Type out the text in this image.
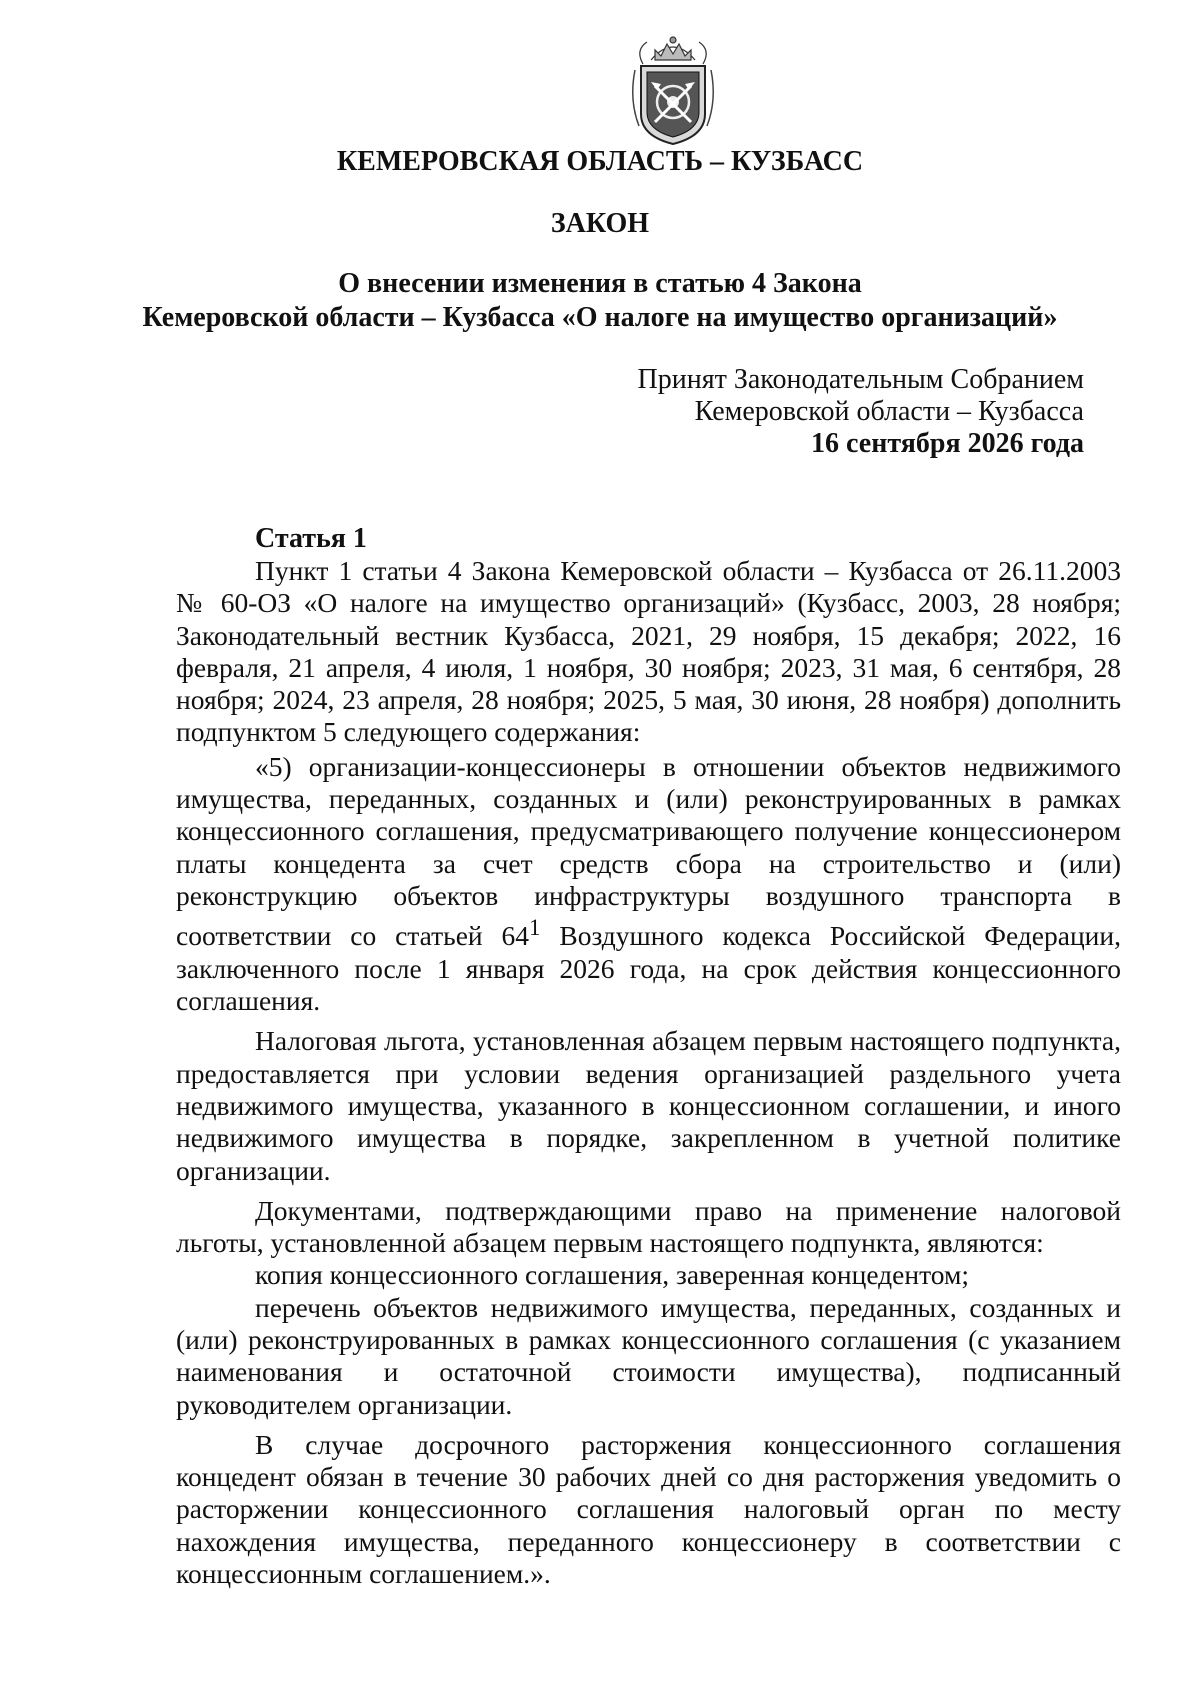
КЕМЕРОВСКАЯ ОБЛАСТЬ – КУЗБАСС
ЗАКОН
О внесении изменения в статью 4 Закона
Кемеровской области – Кузбасса «О налоге на имущество организаций»
Принят Законодательным Собранием
Кемеровской области – Кузбасса
16 сентября 2026 года
Статья 1

Пункт 1 статьи 4 Закона Кемеровской области – Кузбасса от 26.11.2003 № 60-ОЗ «О налоге на имущество организаций» (Кузбасс, 2003, 28 ноября; Законодательный вестник Кузбасса, 2021, 29 ноября, 15 декабря; 2022, 16 февраля, 21 апреля, 4 июля, 1 ноября, 30 ноября; 2023, 31 мая, 6 сентября, 28 ноября; 2024, 23 апреля, 28 ноября; 2025, 5 мая, 30 июня, 28 ноября) дополнить подпунктом 5 следующего содержания:

«5) организации-концессионеры в отношении объектов недвижимого имущества, переданных, созданных и (или) реконструированных в рамках концессионного соглашения, предусматривающего получение концессионером платы концедента за счет средств сбора на строительство и (или) реконструкцию объектов инфраструктуры воздушного транспорта в соответствии со статьей $64^1$ Воздушного кодекса Российской Федерации, заключенного после 1 января 2026 года, на срок действия концессионного соглашения.

Налоговая льгота, установленная абзацем первым настоящего подпункта, предоставляется при условии ведения организацией раздельного учета недвижимого имущества, указанного в концессионном соглашении, и иного недвижимого имущества в порядке, закрепленном в учетной политике организации.

Документами, подтверждающими право на применение налоговой льготы, установленной абзацем первым настоящего подпункта, являются:

копия концессионного соглашения, заверенная концедентом;

перечень объектов недвижимого имущества, переданных, созданных и (или) реконструированных в рамках концессионного соглашения (с указанием наименования и остаточной стоимости имущества), подписанный руководителем организации.

В случае досрочного расторжения концессионного соглашения концедент обязан в течение 30 рабочих дней со дня расторжения уведомить о расторжении концессионного соглашения налоговый орган по месту нахождения имущества, переданного концессионеру в соответствии с концессионным соглашением.».
